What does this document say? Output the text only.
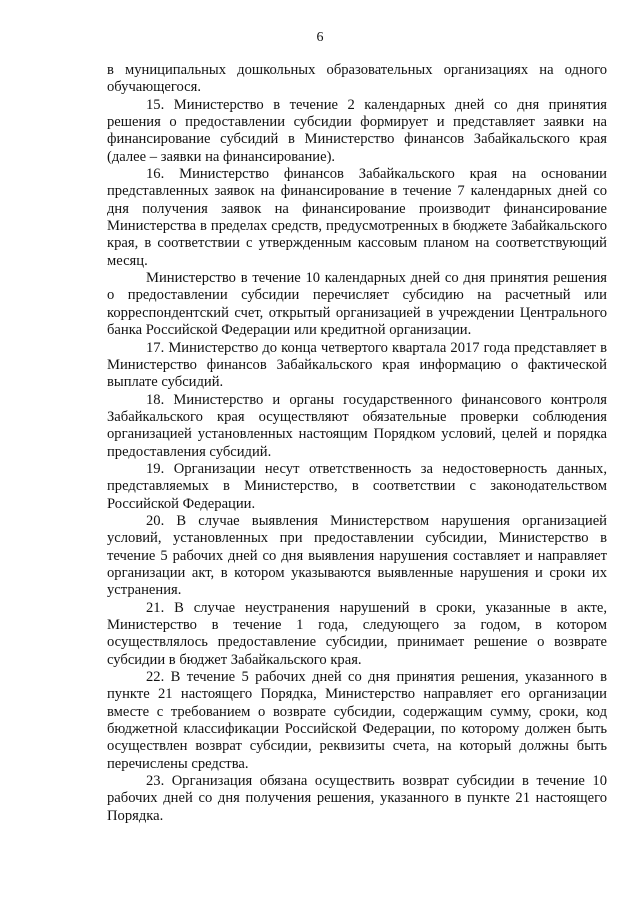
6

в муниципальных дошкольных образовательных организациях на одного обучающегося.

15. Министерство в течение 2 календарных дней со дня принятия решения о предоставлении субсидии формирует и представляет заявки на финансирование субсидий в Министерство финансов Забайкальского края (далее – заявки на финансирование).

16. Министерство финансов Забайкальского края на основании представленных заявок на финансирование в течение 7 календарных дней со дня получения заявок на финансирование производит финансирование Министерства в пределах средств, предусмотренных в бюджете Забайкальского края, в соответствии с утвержденным кассовым планом на соответствующий месяц.

Министерство в течение 10 календарных дней со дня принятия решения о предоставлении субсидии перечисляет субсидию на расчетный или корреспондентский счет, открытый организацией в учреждении Центрального банка Российской Федерации или кредитной организации.

17. Министерство до конца четвертого квартала 2017 года представляет в Министерство финансов Забайкальского края информацию о фактической выплате субсидий.

18. Министерство и органы государственного финансового контроля Забайкальского края осуществляют обязательные проверки соблюдения организацией установленных настоящим Порядком условий, целей и порядка предоставления субсидий.

19. Организации несут ответственность за недостоверность данных, представляемых в Министерство, в соответствии с законодательством Российской Федерации.

20. В случае выявления Министерством нарушения организацией условий, установленных при предоставлении субсидии, Министерство в течение 5 рабочих дней со дня выявления нарушения составляет и направляет организации акт, в котором указываются выявленные нарушения и сроки их устранения.

21. В случае неустранения нарушений в сроки, указанные в акте, Министерство в течение 1 года, следующего за годом, в котором осуществлялось предоставление субсидии, принимает решение о возврате субсидии в бюджет Забайкальского края.

22. В течение 5 рабочих дней со дня принятия решения, указанного в пункте 21 настоящего Порядка, Министерство направляет его организации вместе с требованием о возврате субсидии, содержащим сумму, сроки, код бюджетной классификации Российской Федерации, по которому должен быть осуществлен возврат субсидии, реквизиты счета, на который должны быть перечислены средства.

23. Организация обязана осуществить возврат субсидии в течение 10 рабочих дней со дня получения решения, указанного в пункте 21 настоящего Порядка.
